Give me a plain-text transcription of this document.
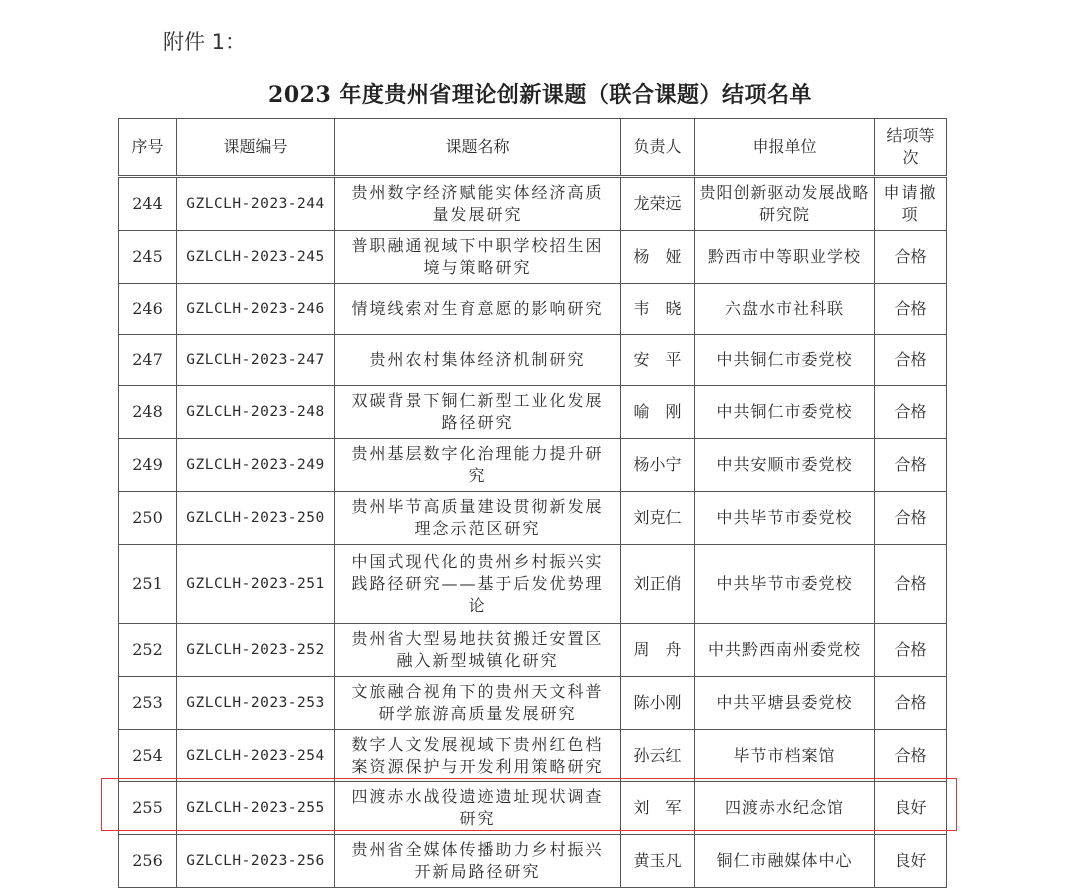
附件 1：
2023 年度贵州省理论创新课题（联合课题）结项名单
序号	课题编号	课题名称	负责人	申报单位	结项等次
244	GZLCLH-2023-244	贵州数字经济赋能实体经济高质量发展研究	龙荣远	贵阳创新驱动发展战略研究院	申请撤项
245	GZLCLH-2023-245	普职融通视域下中职学校招生困境与策略研究	杨　娅	黔西市中等职业学校	合格
246	GZLCLH-2023-246	情境线索对生育意愿的影响研究	韦　晓	六盘水市社科联	合格
247	GZLCLH-2023-247	贵州农村集体经济机制研究	安　平	中共铜仁市委党校	合格
248	GZLCLH-2023-248	双碳背景下铜仁新型工业化发展路径研究	喻　刚	中共铜仁市委党校	合格
249	GZLCLH-2023-249	贵州基层数字化治理能力提升研究	杨小宁	中共安顺市委党校	合格
250	GZLCLH-2023-250	贵州毕节高质量建设贯彻新发展理念示范区研究	刘克仁	中共毕节市委党校	合格
251	GZLCLH-2023-251	中国式现代化的贵州乡村振兴实践路径研究——基于后发优势理论	刘正俏	中共毕节市委党校	合格
252	GZLCLH-2023-252	贵州省大型易地扶贫搬迁安置区融入新型城镇化研究	周　舟	中共黔西南州委党校	合格
253	GZLCLH-2023-253	文旅融合视角下的贵州天文科普研学旅游高质量发展研究	陈小刚	中共平塘县委党校	合格
254	GZLCLH-2023-254	数字人文发展视域下贵州红色档案资源保护与开发利用策略研究	孙云红	毕节市档案馆	合格
255	GZLCLH-2023-255	四渡赤水战役遗迹遗址现状调查研究	刘　军	四渡赤水纪念馆	良好
256	GZLCLH-2023-256	贵州省全媒体传播助力乡村振兴开新局路径研究	黄玉凡	铜仁市融媒体中心	良好
